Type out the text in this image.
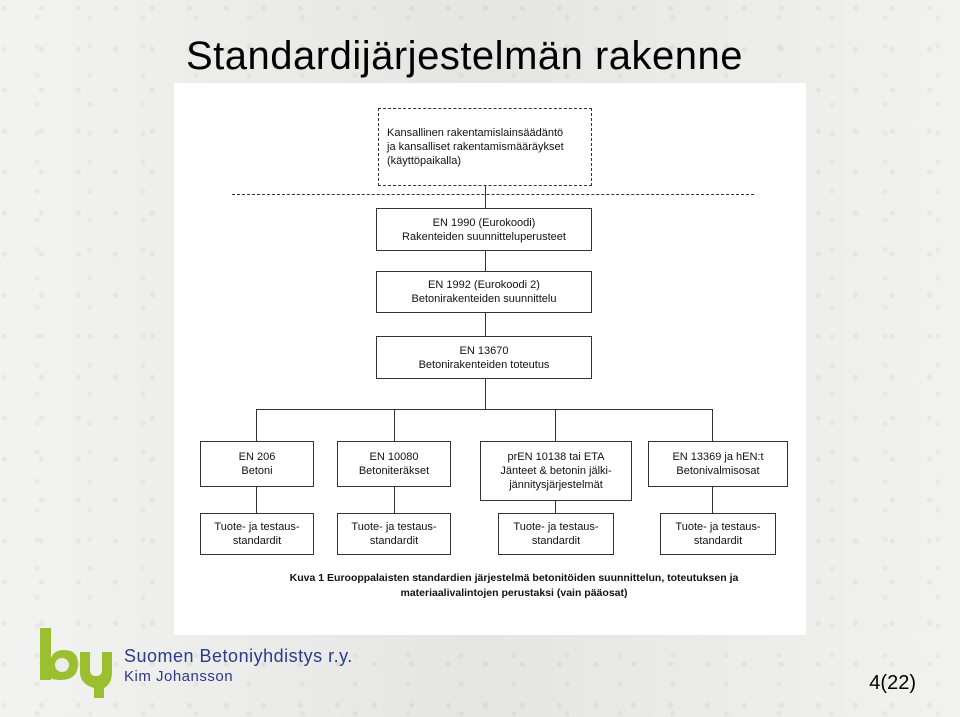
Standardijärjestelmän rakenne
Kansallinen rakentamislainsäädäntö
ja kansalliset rakentamismääräykset
(käyttöpaikalla)
EN 1990 (Eurokoodi)
Rakenteiden suunnitteluperusteet
EN 1992 (Eurokoodi 2)
Betonirakenteiden suunnittelu
EN 13670
Betonirakenteiden toteutus
EN 206
Betoni
EN 10080
Betoniteräkset
prEN 10138 tai ETA
Jänteet & betonin jälki-
jännitysjärjestelmät
EN 13369 ja hEN:t
Betonivalmisosat
Tuote- ja testaus-
standardit
Tuote- ja testaus-
standardit
Tuote- ja testaus-
standardit
Tuote- ja testaus-
standardit
Kuva 1 Eurooppalaisten standardien järjestelmä betonitöiden suunnittelun, toteutuksen ja
materiaalivalintojen perustaksi (vain pääosat)
Suomen Betoniyhdistys r.y.
Kim Johansson	4(22)
